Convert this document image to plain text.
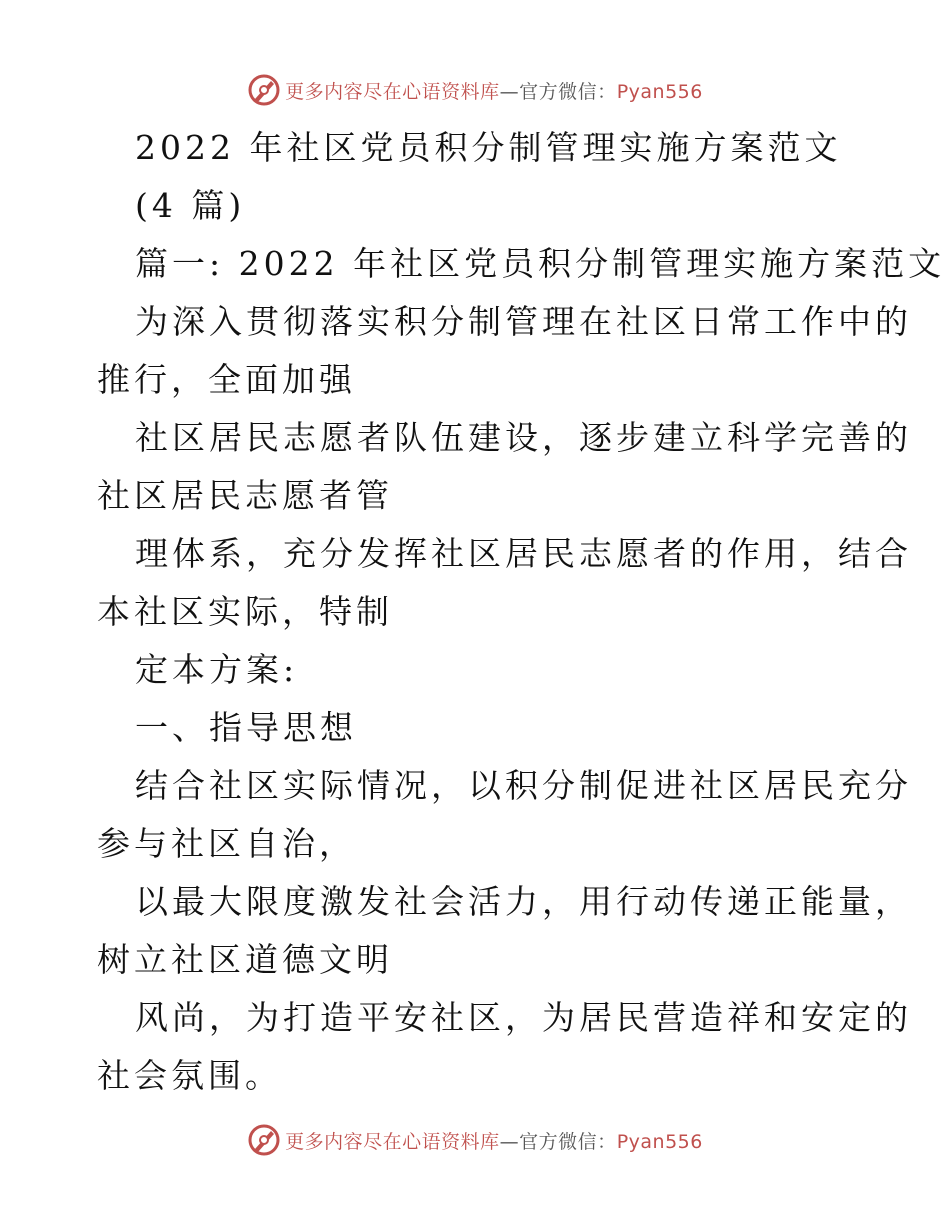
更多内容尽在心语资料库—官方微信：Pyan556
2022 年社区党员积分制管理实施方案范文
(4 篇)
篇一: 2022 年社区党员积分制管理实施方案范文
为深入贯彻落实积分制管理在社区日常工作中的
推行，全面加强
社区居民志愿者队伍建设，逐步建立科学完善的
社区居民志愿者管
理体系，充分发挥社区居民志愿者的作用，结合
本社区实际，特制
定本方案:
一、指导思想
结合社区实际情况，以积分制促进社区居民充分
参与社区自治，
以最大限度激发社会活力，用行动传递正能量，
树立社区道德文明
风尚，为打造平安社区，为居民营造祥和安定的
社会氛围。
更多内容尽在心语资料库—官方微信：Pyan556
